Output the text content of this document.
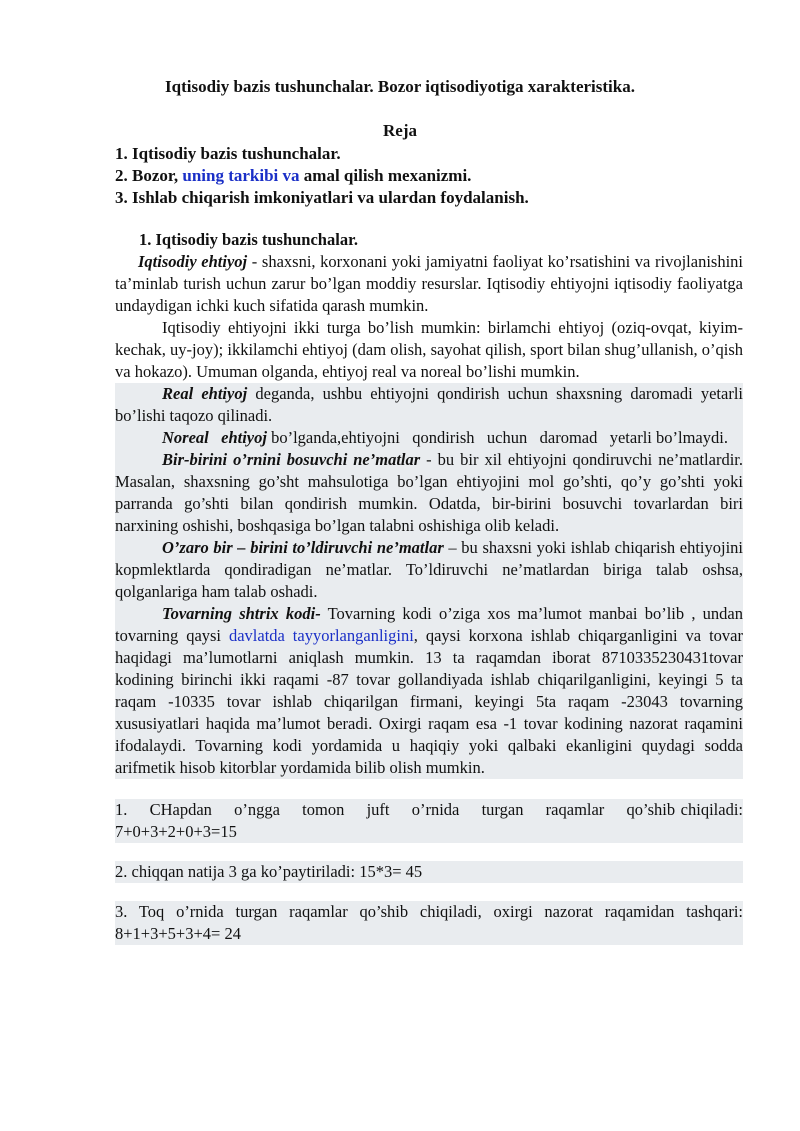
Iqtisodiy bazis tushunchalar. Bozor iqtisodiyotiga xarakteristika.
Reja
1. Iqtisodiy bazis tushunchalar.
2. Bozor, uning tarkibi va amal qilish mexanizmi.
3. Ishlab chiqarish imkoniyatlari va ulardan foydalanish.
1. Iqtisodiy bazis tushunchalar.
Iqtisodiy ehtiyoj - shaxsni, korxonani yoki jamiyatni faoliyat ko’rsatishini va rivojlanishini ta’minlab turish uchun zarur bo’lgan moddiy resurslar. Iqtisodiy ehtiyojni iqtisodiy faoliyatga undaydigan ichki kuch sifatida qarash mumkin.
Iqtisodiy ehtiyojni ikki turga bo’lish mumkin: birlamchi ehtiyoj (oziq-ovqat, kiyim-kechak, uy-joy); ikkilamchi ehtiyoj (dam olish, sayohat qilish, sport bilan shug’ullanish, o’qish va hokazo). Umuman olganda, ehtiyoj real va noreal bo’lishi mumkin.
Real ehtiyoj deganda, ushbu ehtiyojni qondirish uchun shaxsning daromadi yetarli bo’lishi taqozo qilinadi.
Noreal   ehtiyoj bo’lganda,ehtiyojni   qondirish   uchun   daromad   yetarli bo’lmaydi.
Bir-birini o’rnini bosuvchi ne’matlar - bu bir xil ehtiyojni qondiruvchi ne’matlardir. Masalan, shaxsning go’sht mahsulotiga bo’lgan ehtiyojini mol go’shti, qo’y go’shti yoki parranda go’shti bilan qondirish mumkin. Odatda, bir-birini bosuvchi tovarlardan biri narxining oshishi, boshqasiga bo’lgan talabni oshishiga olib keladi.
O’zaro bir – birini to’ldiruvchi ne’matlar – bu shaxsni yoki ishlab chiqarish ehtiyojini kopmlektlarda qondiradigan ne’matlar. To’ldiruvchi ne’matlardan biriga talab oshsa, qolganlariga ham talab oshadi.
Tovarning shtrix kodi- Tovarning kodi o’ziga xos ma’lumot manbai bo’lib , undan tovarning qaysi davlatda tayyorlanganligini, qaysi korxona ishlab chiqarganligini va tovar haqidagi ma’lumotlarni aniqlash mumkin. 13 ta raqamdan iborat 8710335230431tovar kodining birinchi ikki raqami -87 tovar gollandiyada ishlab chiqarilganligini, keyingi 5 ta raqam -10335 tovar ishlab chiqarilgan firmani, keyingi 5ta raqam -23043 tovarning xususiyatlari haqida ma’lumot beradi. Oxirgi raqam esa -1 tovar kodining nazorat raqamini ifodalaydi. Tovarning kodi yordamida u haqiqiy yoki qalbaki ekanligini quydagi sodda arifmetik hisob kitorblar yordamida bilib olish mumkin.
1.    CHapdan    o’ngga    tomon    juft    o’rnida    turgan    raqamlar    qo’shib chiqiladi: 7+0+3+2+0+3=15
2. chiqqan natija 3 ga ko’paytiriladi: 15*3= 45
3. Toq o’rnida turgan raqamlar qo’shib chiqiladi, oxirgi nazorat raqamidan tashqari: 8+1+3+5+3+4= 24
